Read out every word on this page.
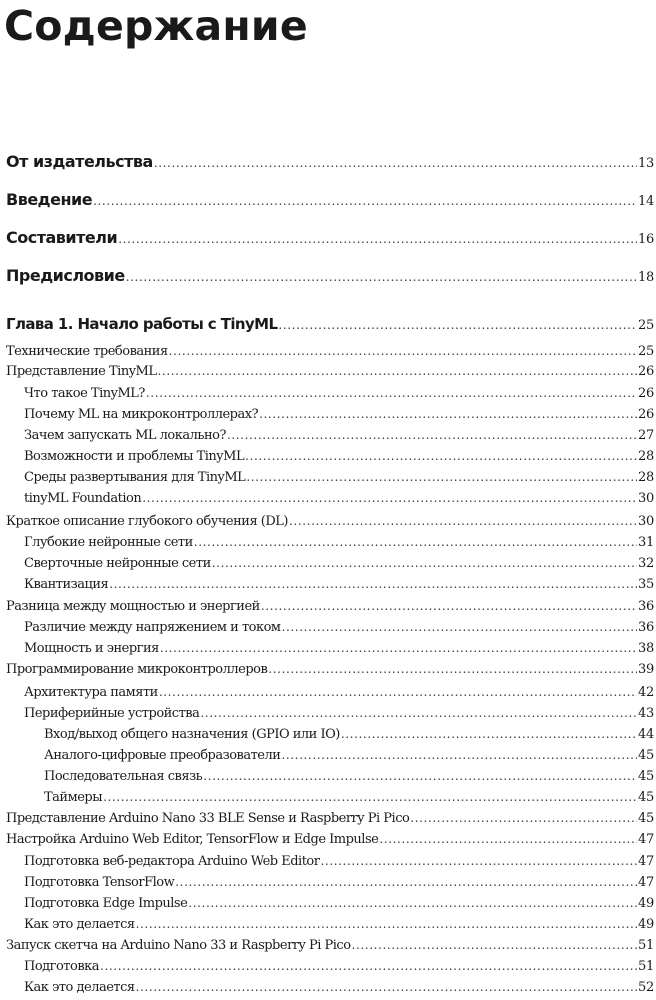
Содержание
От издательства .....	13
Введение .....	14
Составители .....	16
Предисловие .....	18
Глава 1. Начало работы с TinyML .....	25
Технические требования .....	25
Представление TinyML .....	26
Что такое TinyML? .....	26
Почему ML на микроконтроллерах? .....	26
Зачем запускать ML локально? .....	27
Возможности и проблемы TinyML .....	28
Среды развертывания для TinyML .....	28
tinyML Foundation .....	30
Краткое описание глубокого обучения (DL) .....	30
Глубокие нейронные сети .....	31
Сверточные нейронные сети .....	32
Квантизация .....	35
Разница между мощностью и энергией .....	36
Различие между напряжением и током .....	36
Мощность и энергия .....	38
Программирование микроконтроллеров .....	39
Архитектура памяти .....	42
Периферийные устройства .....	43
Вход/выход общего назначения (GPIO или IO) .....	44
Аналого-цифровые преобразователи .....	45
Последовательная связь .....	45
Таймеры .....	45
Представление Arduino Nano 33 BLE Sense и Raspberry Pi Pico .....	45
Настройка Arduino Web Editor, TensorFlow и Edge Impulse .....	47
Подготовка веб-редактора Arduino Web Editor .....	47
Подготовка TensorFlow .....	47
Подготовка Edge Impulse .....	49
Как это делается .....	49
Запуск скетча на Arduino Nano 33 и Raspberry Pi Pico .....	51
Подготовка .....	51
Как это делается .....	52
